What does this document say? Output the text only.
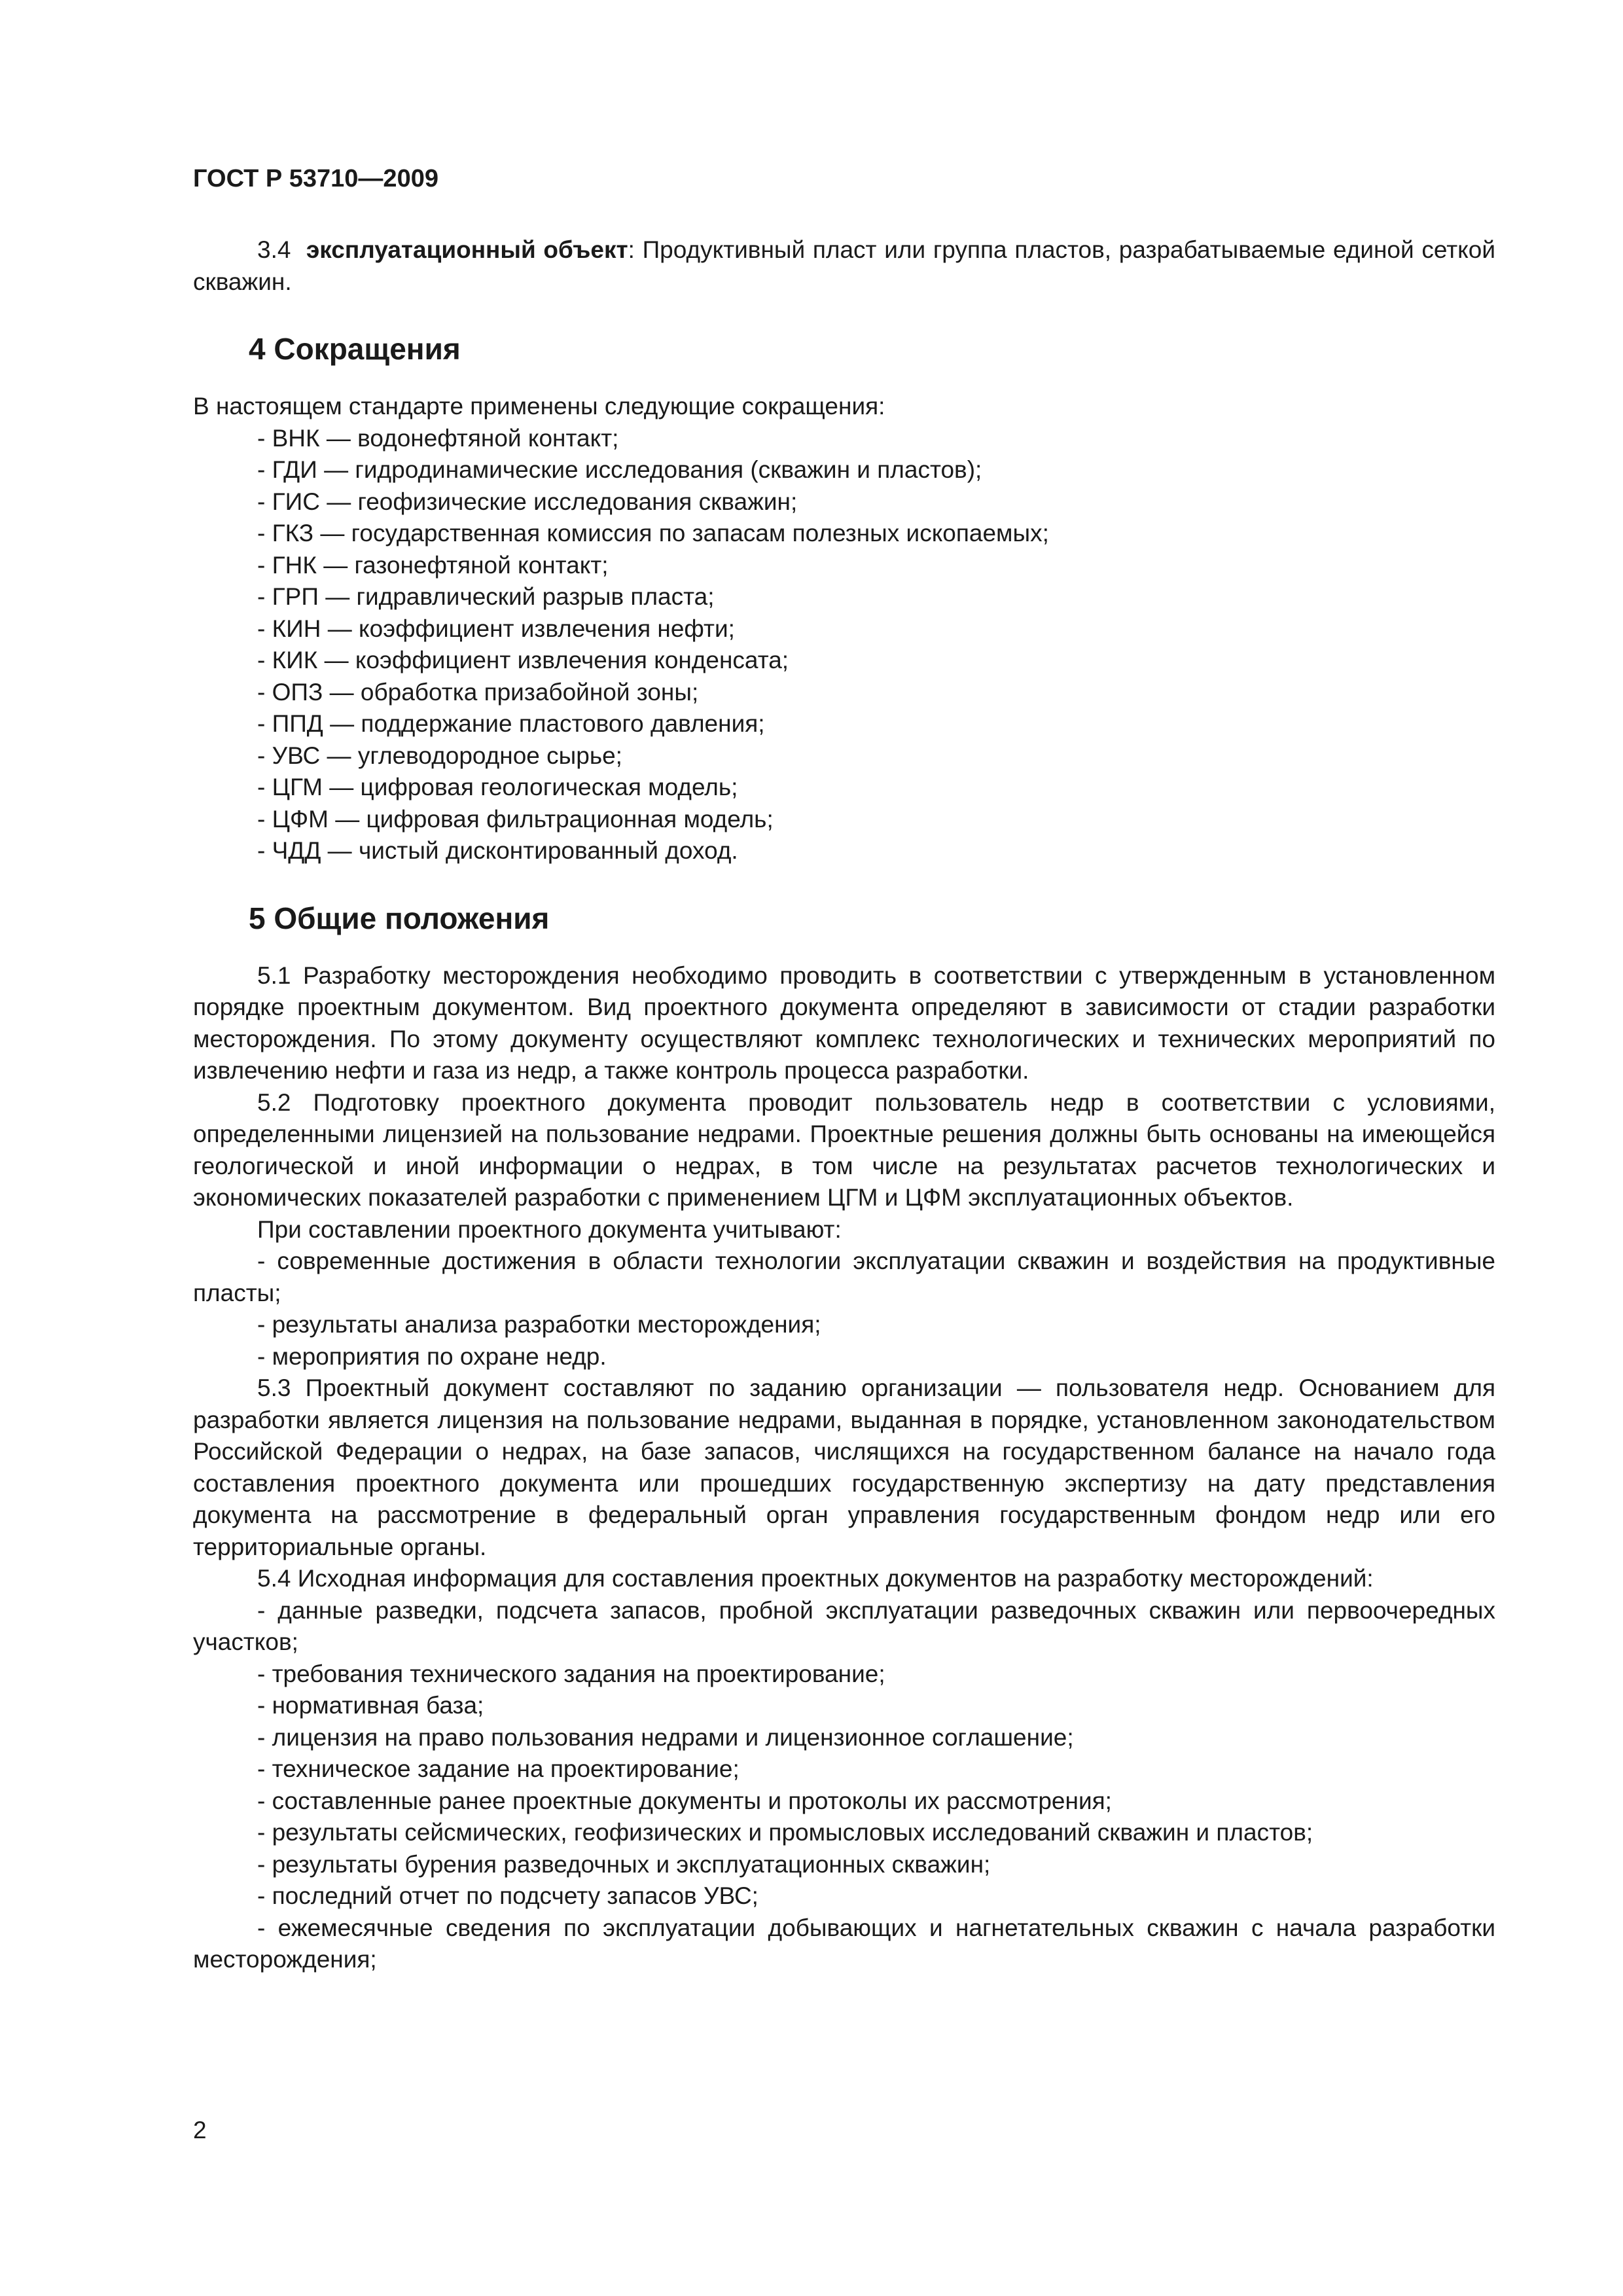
ГОСТ Р 53710—2009

3.4 эксплуатационный объект: Продуктивный пласт или группа пластов, разрабатываемые единой сеткой скважин.

4 Сокращения

В настоящем стандарте применены следующие сокращения:

- ВНК — водонефтяной контакт;
- ГДИ — гидродинамические исследования (скважин и пластов);
- ГИС — геофизические исследования скважин;
- ГКЗ — государственная комиссия по запасам полезных ископаемых;
- ГНК — газонефтяной контакт;
- ГРП — гидравлический разрыв пласта;
- КИН — коэффициент извлечения нефти;
- КИК — коэффициент извлечения конденсата;
- ОПЗ — обработка призабойной зоны;
- ППД — поддержание пластового давления;
- УВС — углеводородное сырье;
- ЦГМ — цифровая геологическая модель;
- ЦФМ — цифровая фильтрационная модель;
- ЧДД — чистый дисконтированный доход.
5 Общие положения

5.1 Разработку месторождения необходимо проводить в соответствии с утвержденным в установленном порядке проектным документом. Вид проектного документа определяют в зависимости от стадии разработки месторождения. По этому документу осуществляют комплекс технологических и технических мероприятий по извлечению нефти и газа из недр, а также контроль процесса разработки.

5.2 Подготовку проектного документа проводит пользователь недр в соответствии с условиями, определенными лицензией на пользование недрами. Проектные решения должны быть основаны на имеющейся геологической и иной информации о недрах, в том числе на результатах расчетов технологических и экономических показателей разработки с применением ЦГМ и ЦФМ эксплуатационных объектов.

При составлении проектного документа учитывают:

- современные достижения в области технологии эксплуатации скважин и воздействия на продуктивные пласты;
- результаты анализа разработки месторождения;
- мероприятия по охране недр.

5.3 Проектный документ составляют по заданию организации — пользователя недр. Основанием для разработки является лицензия на пользование недрами, выданная в порядке, установленном законодательством Российской Федерации о недрах, на базе запасов, числящихся на государственном балансе на начало года составления проектного документа или прошедших государственную экспертизу на дату представления документа на рассмотрение в федеральный орган управления государственным фондом недр или его территориальные органы.

5.4 Исходная информация для составления проектных документов на разработку месторождений:

- данные разведки, подсчета запасов, пробной эксплуатации разведочных скважин или первоочередных участков;
- требования технического задания на проектирование;
- нормативная база;
- лицензия на право пользования недрами и лицензионное соглашение;
- техническое задание на проектирование;
- составленные ранее проектные документы и протоколы их рассмотрения;
- результаты сейсмических, геофизических и промысловых исследований скважин и пластов;
- результаты бурения разведочных и эксплуатационных скважин;
- последний отчет по подсчету запасов УВС;
- ежемесячные сведения по эксплуатации добывающих и нагнетательных скважин с начала разработки месторождения;
2
